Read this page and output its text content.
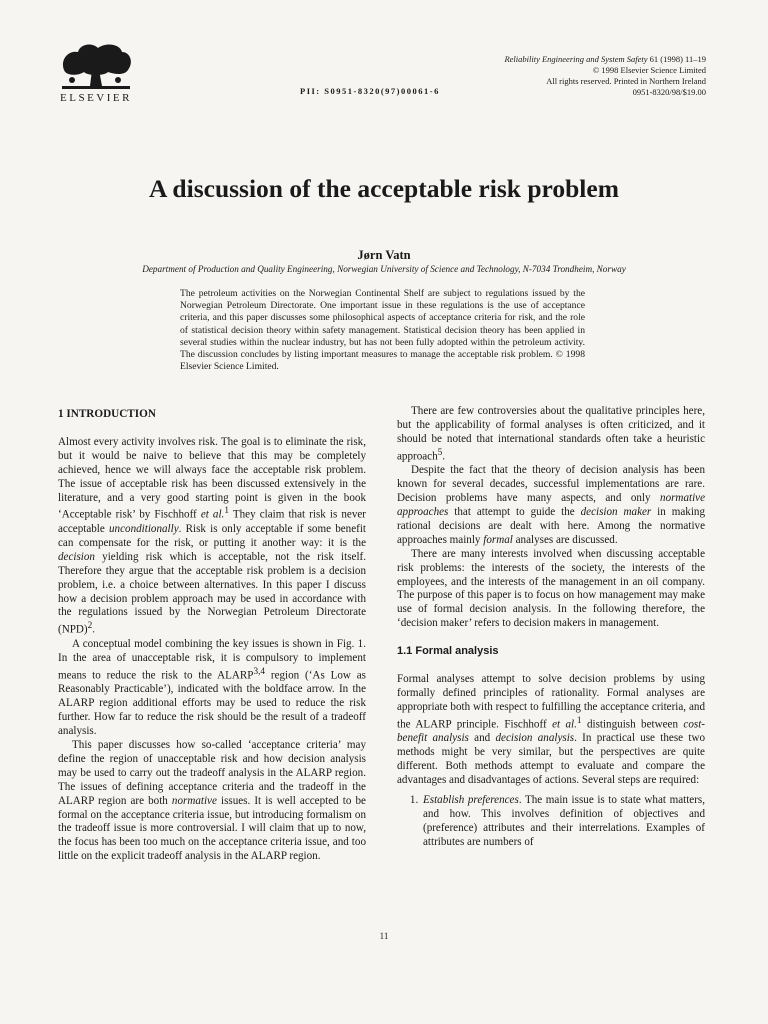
ELSEVIER
PII: S0951-8320(97)00061-6
Reliability Engineering and System Safety 61 (1998) 11–19
© 1998 Elsevier Science Limited
All rights reserved. Printed in Northern Ireland
0951-8320/98/$19.00
A discussion of the acceptable risk problem
Jørn Vatn
Department of Production and Quality Engineering, Norwegian University of Science and Technology, N-7034 Trondheim, Norway
The petroleum activities on the Norwegian Continental Shelf are subject to regulations issued by the Norwegian Petroleum Directorate. One important issue in these regulations is the use of acceptance criteria, and this paper discusses some philosophical aspects of acceptance criteria for risk, and the role of statistical decision theory within safety management. Statistical decision theory has been applied in several studies within the nuclear industry, but has not been fully adopted within the petroleum activity. The discussion concludes by listing important measures to manage the acceptable risk problem. © 1998 Elsevier Science Limited.
1 INTRODUCTION

Almost every activity involves risk. The goal is to eliminate the risk, but it would be naive to believe that this may be completely achieved, hence we will always face the acceptable risk problem. The issue of acceptable risk has been discussed extensively in the literature, and a very good starting point is given in the book ‘Acceptable risk’ by Fischhoff et al.$^1$ They claim that risk is never acceptable unconditionally. Risk is only acceptable if some benefit can compensate for the risk, or putting it another way: it is the decision yielding risk which is acceptable, not the risk itself. Therefore they argue that the acceptable risk problem is a decision problem, i.e. a choice between alternatives. In this paper I discuss how a decision problem approach may be used in accordance with the regulations issued by the Norwegian Petroleum Directorate (NPD)$^2$.

A conceptual model combining the key issues is shown in Fig. 1. In the area of unacceptable risk, it is compulsory to implement means to reduce the risk to the ALARP$^{3,4}$ region (‘As Low as Reasonably Practicable’), indicated with the boldface arrow. In the ALARP region additional efforts may be used to reduce the risk further. How far to reduce the risk should be the result of a tradeoff analysis.

This paper discusses how so-called ‘acceptance criteria’ may define the region of unacceptable risk and how decision analysis may be used to carry out the tradeoff analysis in the ALARP region. The issues of defining acceptance criteria and the tradeoff in the ALARP region are both normative issues. It is well accepted to be formal on the acceptance criteria issue, but introducing formalism on the tradeoff issue is more controversial. I will claim that up to now, the focus has been too much on the acceptance criteria issue, and too little on the explicit tradeoff analysis in the ALARP region.

There are few controversies about the qualitative principles here, but the applicability of formal analyses is often criticized, and it should be noted that international standards often take a heuristic approach$^5$.

Despite the fact that the theory of decision analysis has been known for several decades, successful implementations are rare. Decision problems have many aspects, and only normative approaches that attempt to guide the decision maker in making rational decisions are dealt with here. Among the normative approaches mainly formal analyses are discussed.

There are many interests involved when discussing acceptable risk problems: the interests of the society, the interests of the employees, and the interests of the management in an oil company. The purpose of this paper is to focus on how management may make use of formal decision analysis. In the following therefore, the ‘decision maker’ refers to decision makers in management.

1.1 Formal analysis

Formal analyses attempt to solve decision problems by using formally defined principles of rationality. Formal analyses are appropriate both with respect to fulfilling the acceptance criteria, and the ALARP principle. Fischhoff et al.$^1$ distinguish between cost-benefit analysis and decision analysis. In practical use these two methods might be very similar, but the perspectives are quite different. Both methods attempt to evaluate and compare the advantages and disadvantages of actions. Several steps are required:

1. Establish preferences. The main issue is to state what matters, and how. This involves definition of objectives and (preference) attributes and their interrelations. Examples of attributes are numbers of
11
